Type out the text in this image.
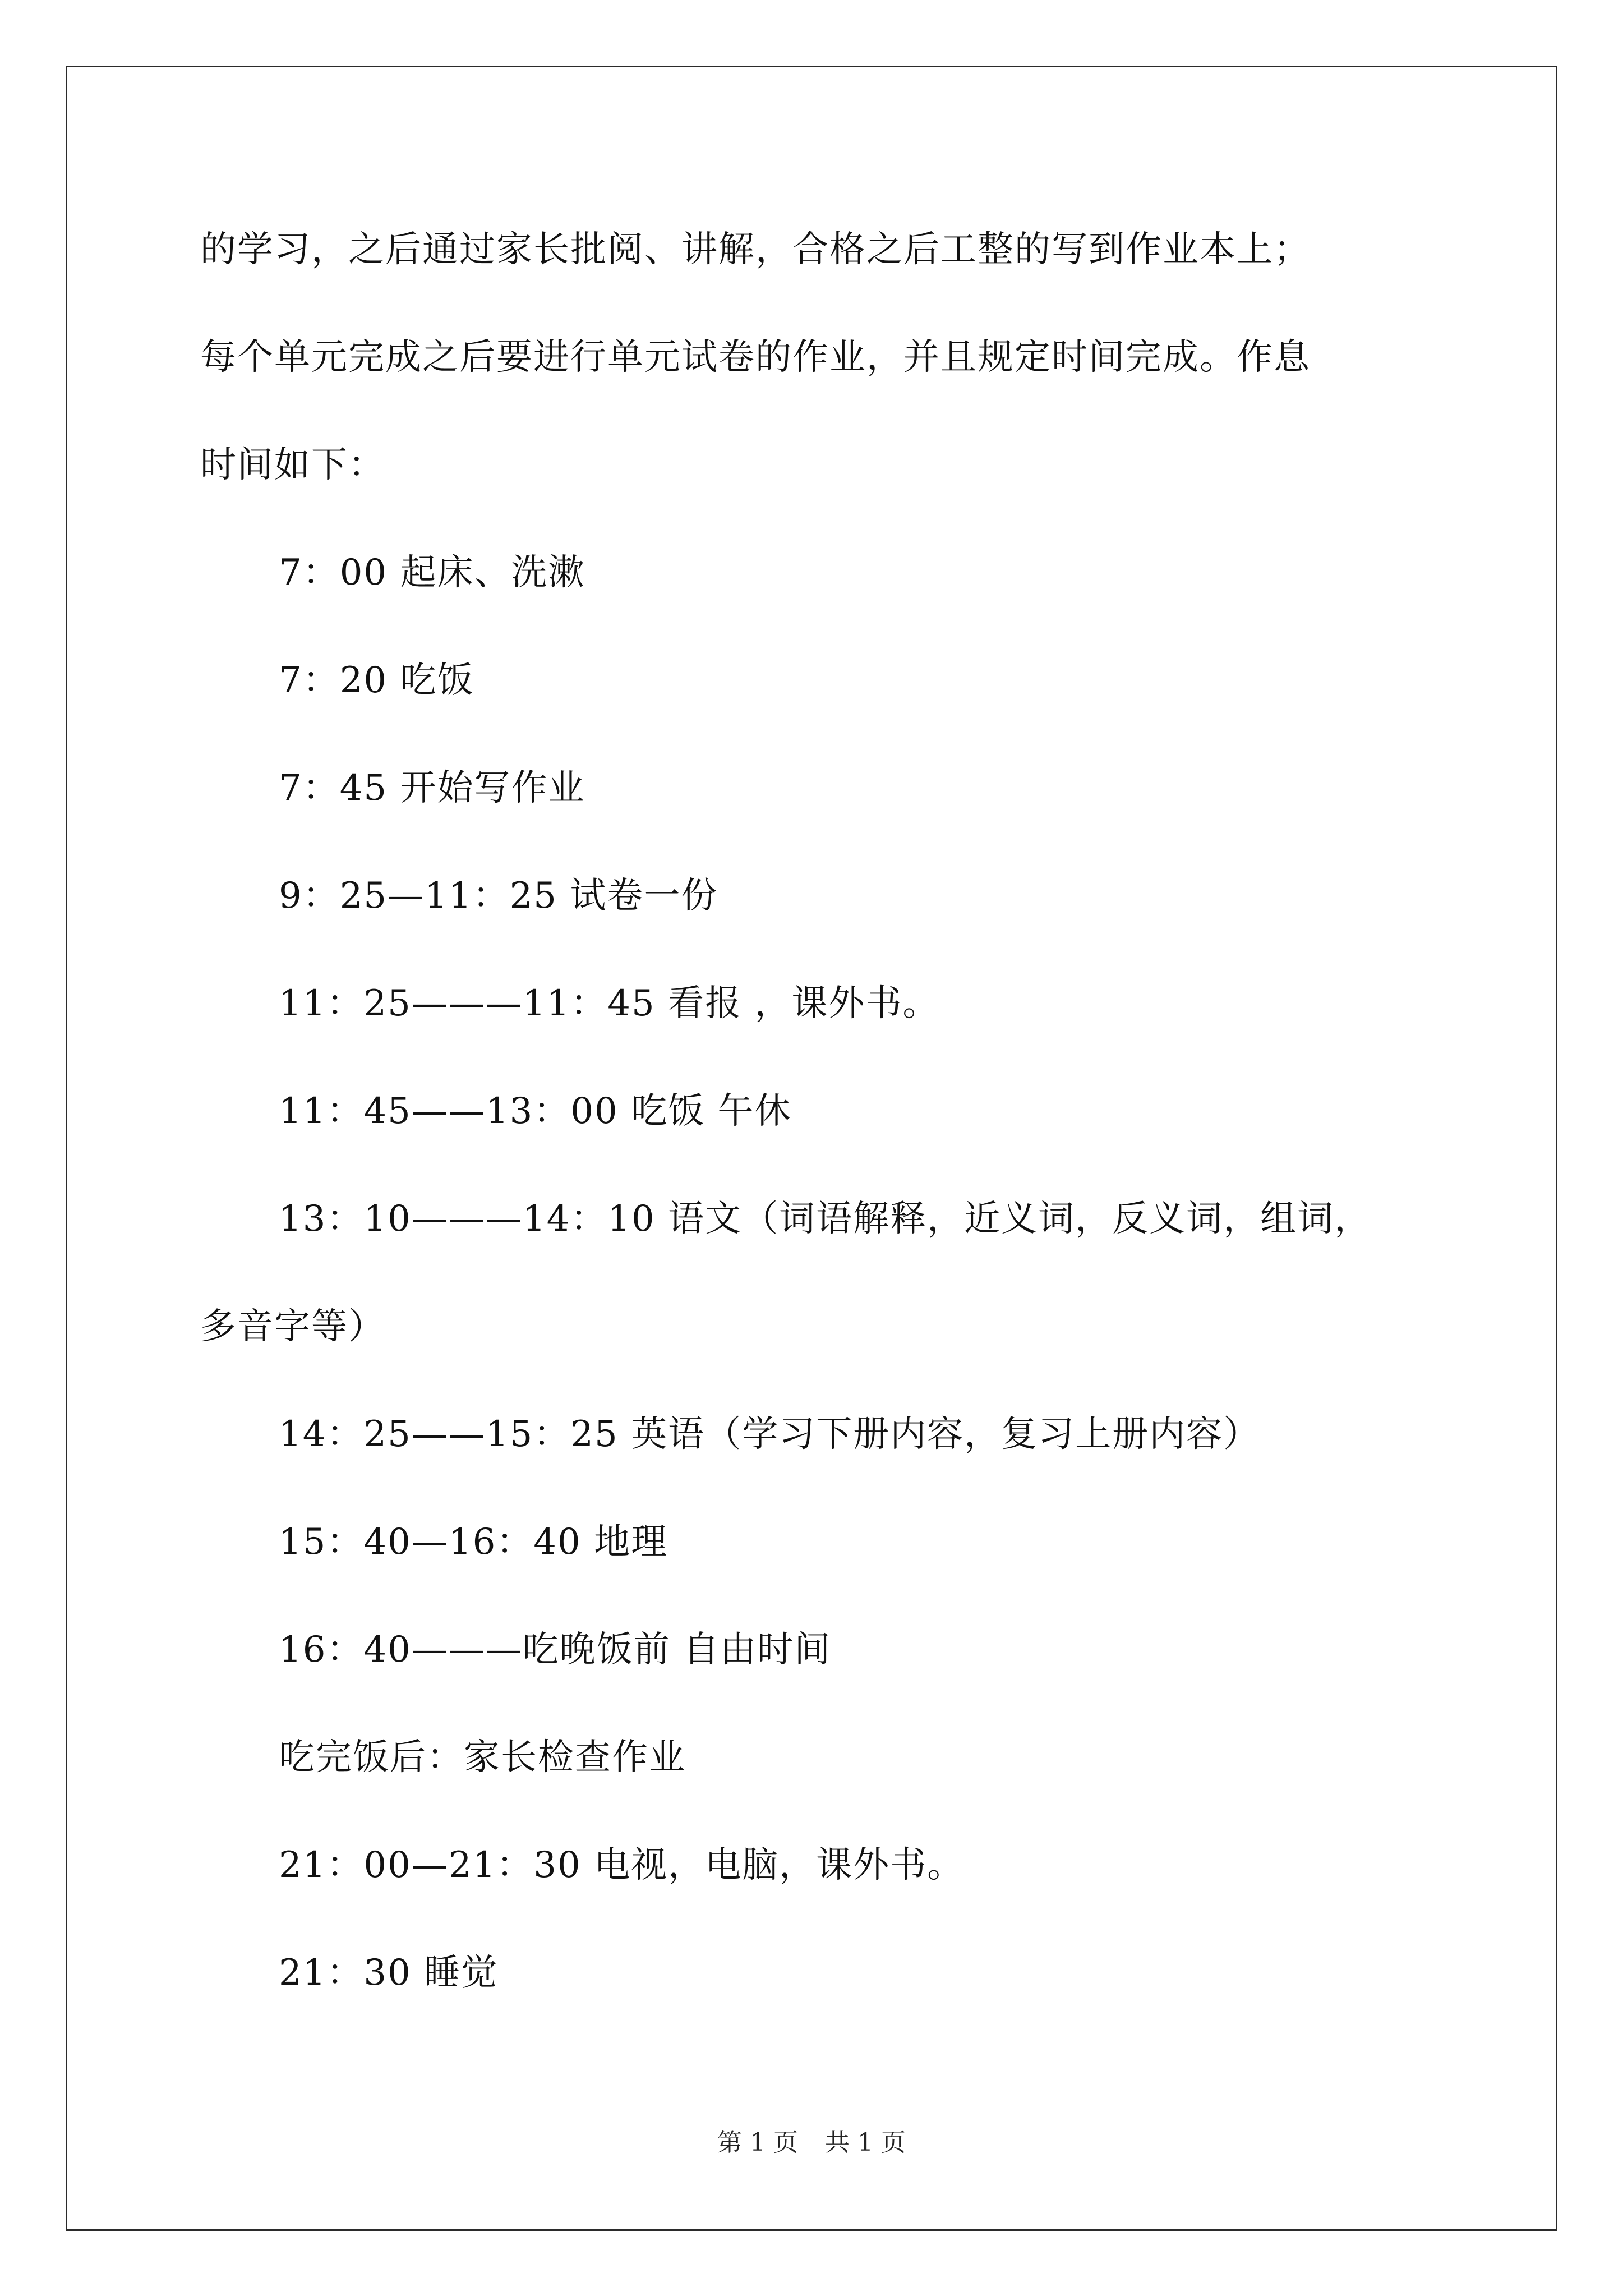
的学习，之后通过家长批阅、讲解，合格之后工整的写到作业本上；
每个单元完成之后要进行单元试卷的作业，并且规定时间完成。作息
时间如下：
7：00 起床、洗漱
7：20 吃饭
7：45 开始写作业
9：25—11：25 试卷一份
11：25———11：45 看报 ，课外书。
11：45——13：00 吃饭 午休
13：10———14：10 语文（词语解释，近义词，反义词，组词，
多音字等）
14：25——15：25 英语（学习下册内容，复习上册内容）
15：40—16：40 地理
16：40———吃晚饭前 自由时间
吃完饭后：家长检查作业
21：00—21：30 电视，电脑，课外书。
21：30 睡觉
第 1 页 共 1 页
